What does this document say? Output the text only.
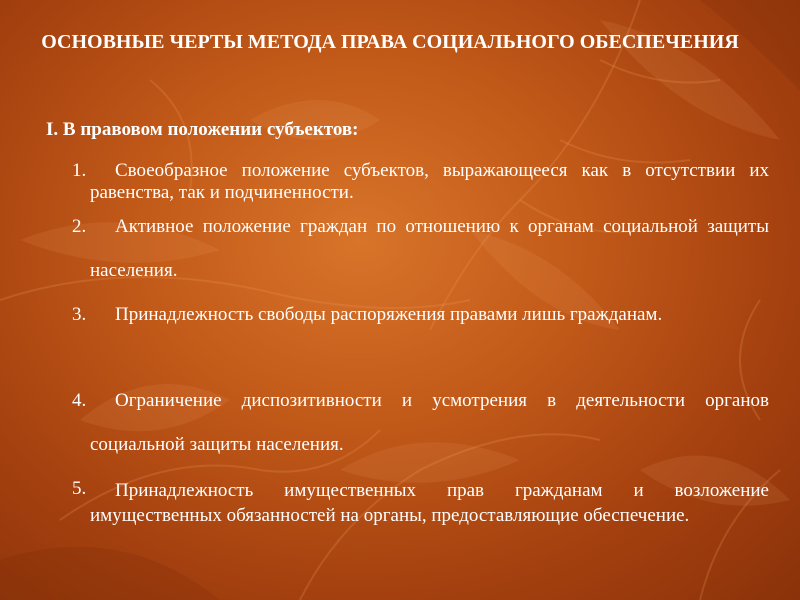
ОСНОВНЫЕ ЧЕРТЫ МЕТОДА ПРАВА СОЦИАЛЬНОГО ОБЕСПЕЧЕНИЯ
I. В правовом положении субъектов:
1.	Своеобразное положение субъектов, выражающееся как в отсутствии их равенства, так и подчиненности.
2.	Активное положение граждан по отношению к органам социальной защиты населения.
3.	Принадлежность свободы распоряжения правами лишь гражданам.
4.	Ограничение диспозитивности и усмотрения в деятельности органов социальной защиты населения.
5.	Принадлежность имущественных прав гражданам и возложение имущественных обязанностей на органы, предоставляющие обеспечение.
